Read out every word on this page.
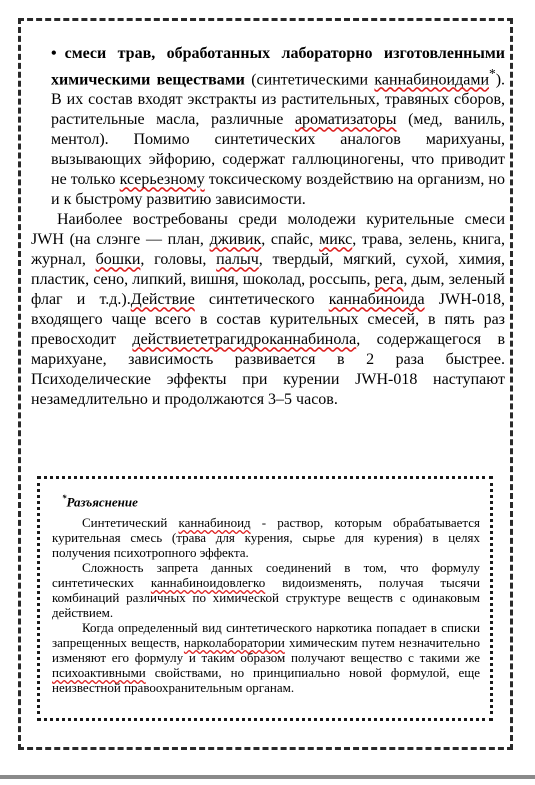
• смеси трав, обработанных лабораторно изготовленными химическими веществами (синтетическими каннабиноидами*). В их состав входят экстракты из растительных, травяных сборов, растительные масла, различные ароматизаторы (мед, ваниль, ментол). Помимо синтетических аналогов марихуаны, вызывающих эйфорию, содержат галлюциногены, что приводит не только ксерьезному токсическому воздействию на организм, но и к быстрому развитию зависимости.

Наиболее востребованы среди молодежи курительные смеси JWH (на слэнге — план, дживик, спайс, микс, трава, зелень, книга, журнал, бошки, головы, палыч, твердый, мягкий, сухой, химия, пластик, сено, липкий, вишня, шоколад, россыпь, рега, дым, зеленый флаг и т.д.).Действие синтетического каннабиноида JWH-018, входящего чаще всего в состав курительных смесей, в пять раз превосходит действиететрагидроканнабинола, содержащегося в марихуане, зависимость развивается в 2 раза быстрее. Психоделические эффекты при курении JWH-018 наступают незамедлительно и продолжаются 3–5 часов.

*Разъяснение

Синтетический каннабиноид - раствор, которым обрабатывается курительная смесь (трава для курения, сырье для курения) в целях получения психотропного эффекта.

Сложность запрета данных соединений в том, что формулу синтетических каннабиноидовлегко видоизменять, получая тысячи комбинаций различных по химической структуре веществ с одинаковым действием.

Когда определенный вид синтетического наркотика попадает в списки запрещенных веществ, нарколаборатории химическим путем незначительно изменяют его формулу и таким образом получают вещество с такими же психоактивными свойствами, но принципиально новой формулой, еще неизвестной правоохранительным органам.
